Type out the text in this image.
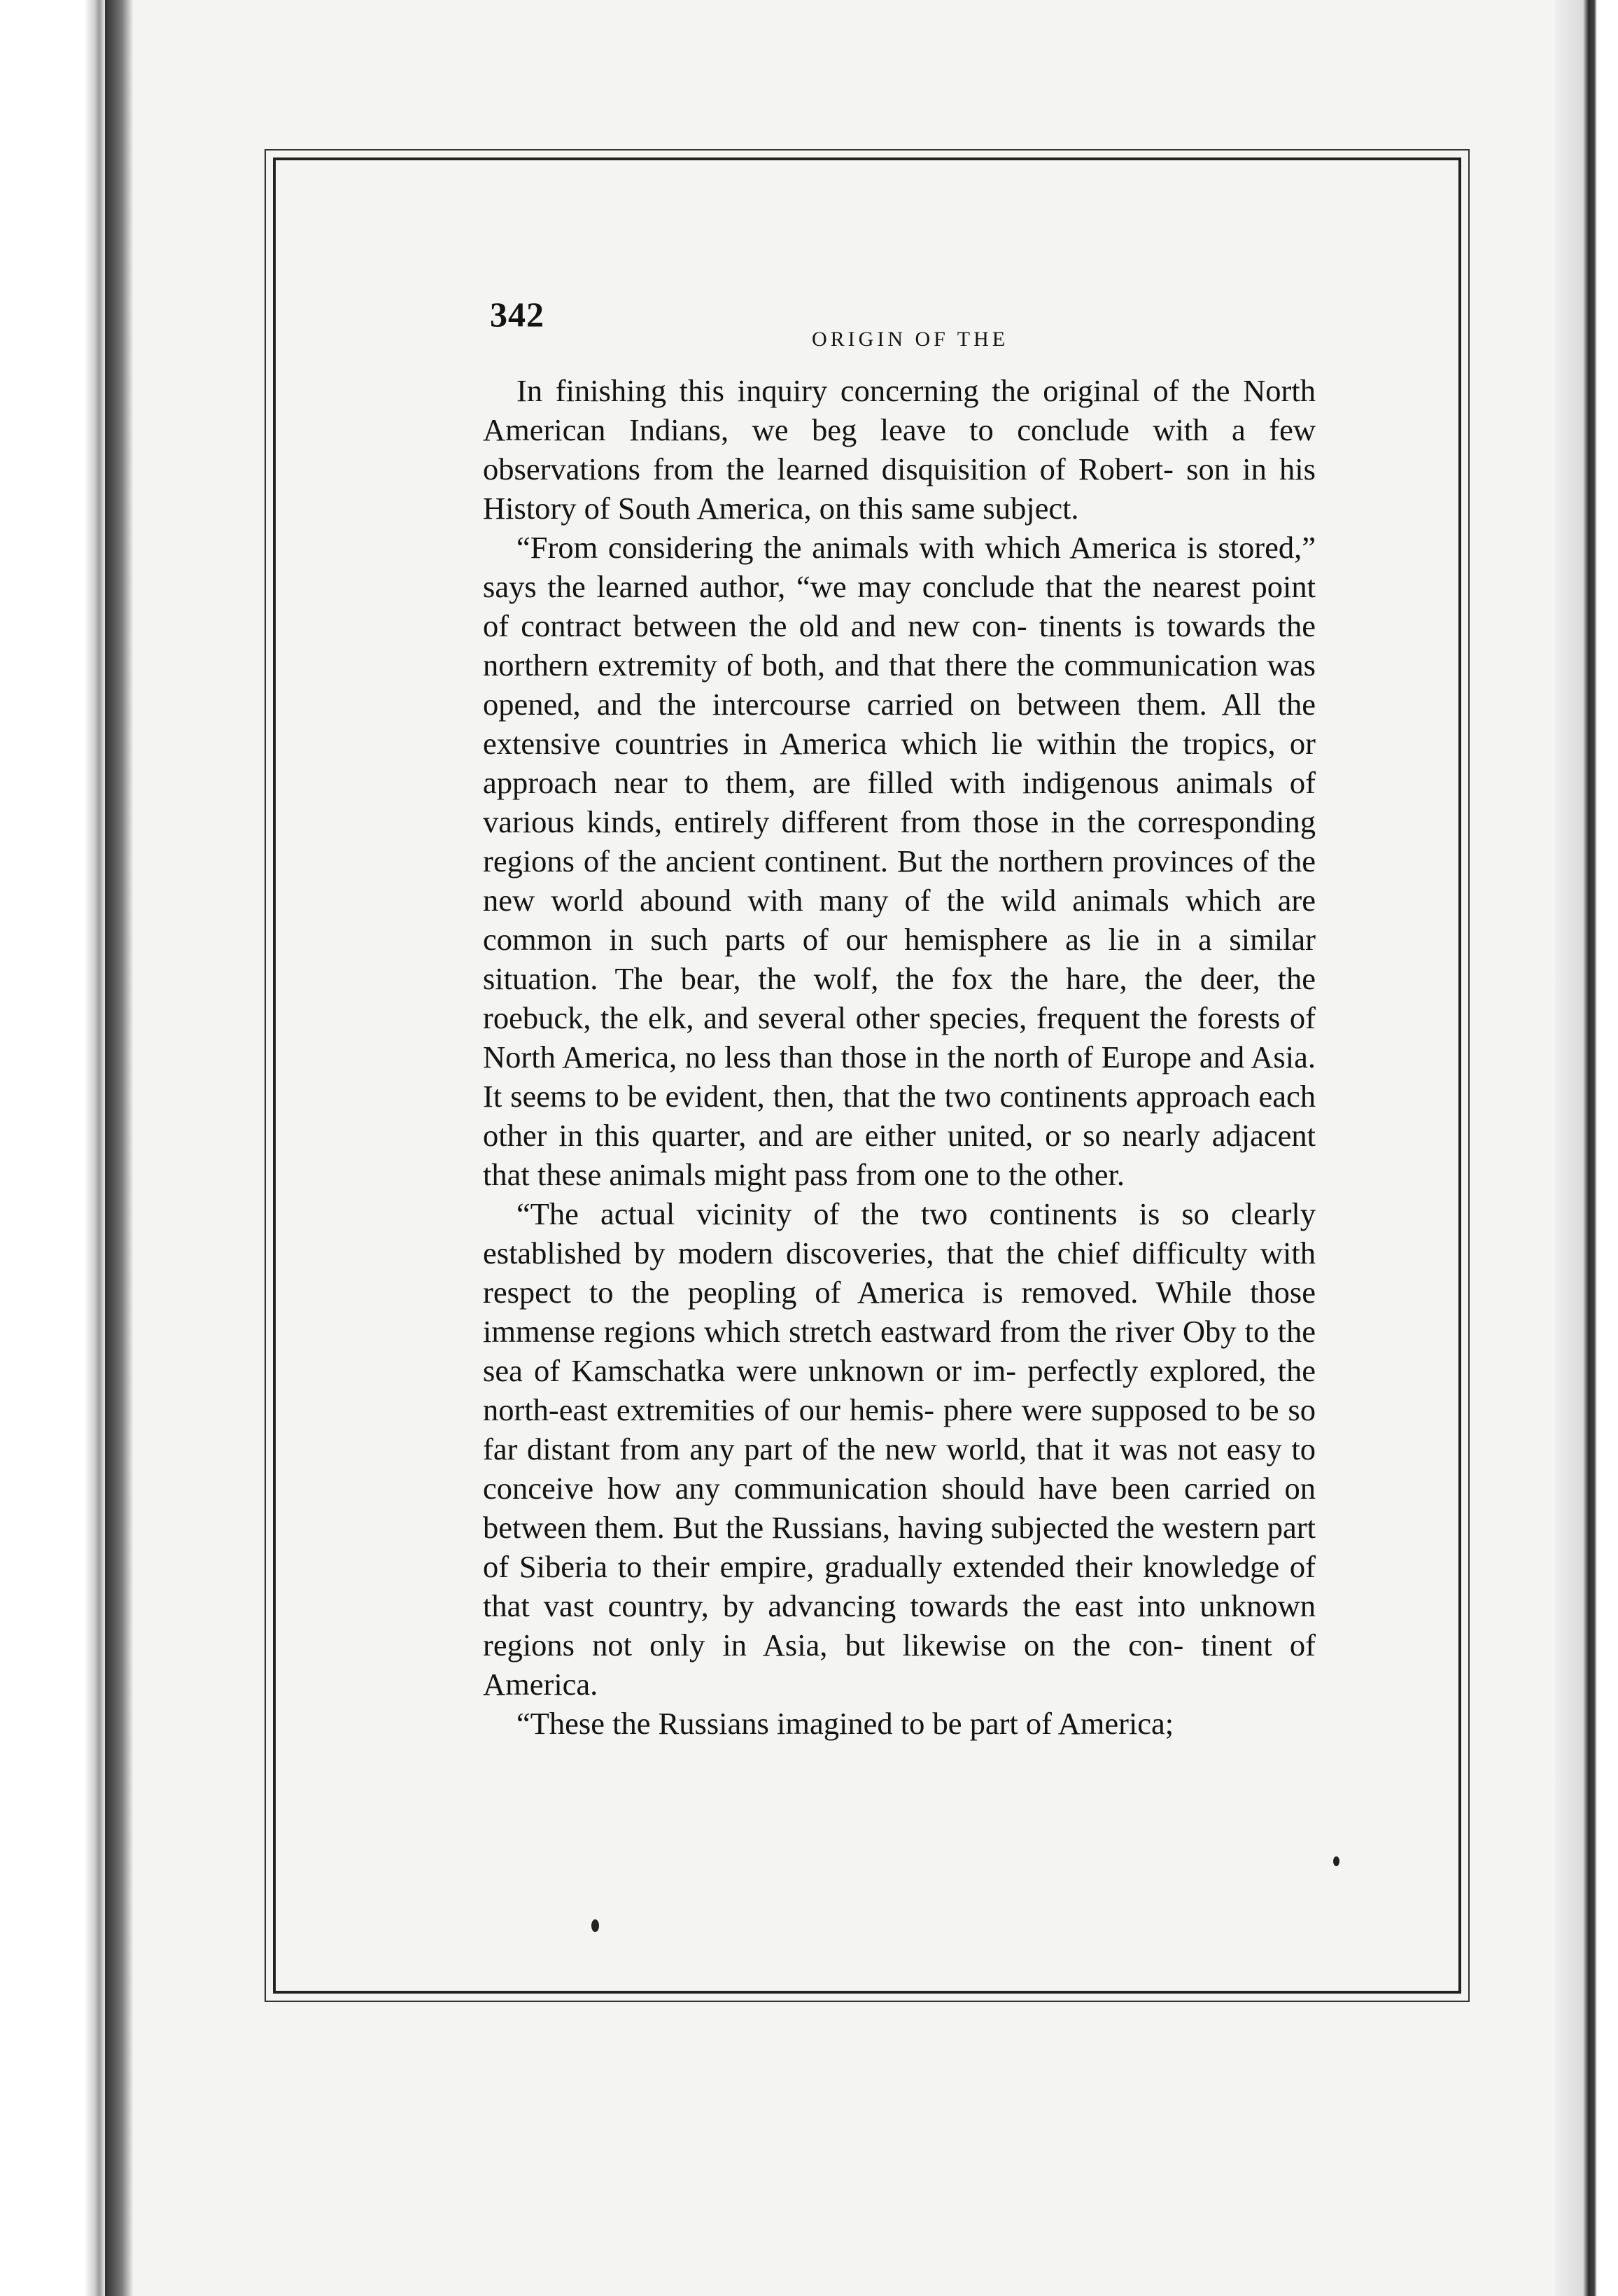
342
ORIGIN OF THE

In finishing this inquiry concerning the original of the North American Indians, we beg leave to conclude with a few observations from the learned disquisition of Robert- son in his History of South America, on this same subject.

“From considering the animals with which America is stored,” says the learned author, “we may conclude that the nearest point of contract between the old and new con- tinents is towards the northern extremity of both, and that there the communication was opened, and the intercourse carried on between them. All the extensive countries in America which lie within the tropics, or approach near to them, are filled with indigenous animals of various kinds, entirely different from those in the corresponding regions of the ancient continent. But the northern provinces of the new world abound with many of the wild animals which are common in such parts of our hemisphere as lie in a similar situation. The bear, the wolf, the fox the hare, the deer, the roebuck, the elk, and several other species, frequent the forests of North America, no less than those in the north of Europe and Asia. It seems to be evident, then, that the two continents approach each other in this quarter, and are either united, or so nearly adjacent that these animals might pass from one to the other.

“The actual vicinity of the two continents is so clearly established by modern discoveries, that the chief difficulty with respect to the peopling of America is removed. While those immense regions which stretch eastward from the river Oby to the sea of Kamschatka were unknown or im- perfectly explored, the north-east extremities of our hemis- phere were supposed to be so far distant from any part of the new world, that it was not easy to conceive how any communication should have been carried on between them. But the Russians, having subjected the western part of Siberia to their empire, gradually extended their knowledge of that vast country, by advancing towards the east into unknown regions not only in Asia, but likewise on the con- tinent of America.

“These the Russians imagined to be part of America;
